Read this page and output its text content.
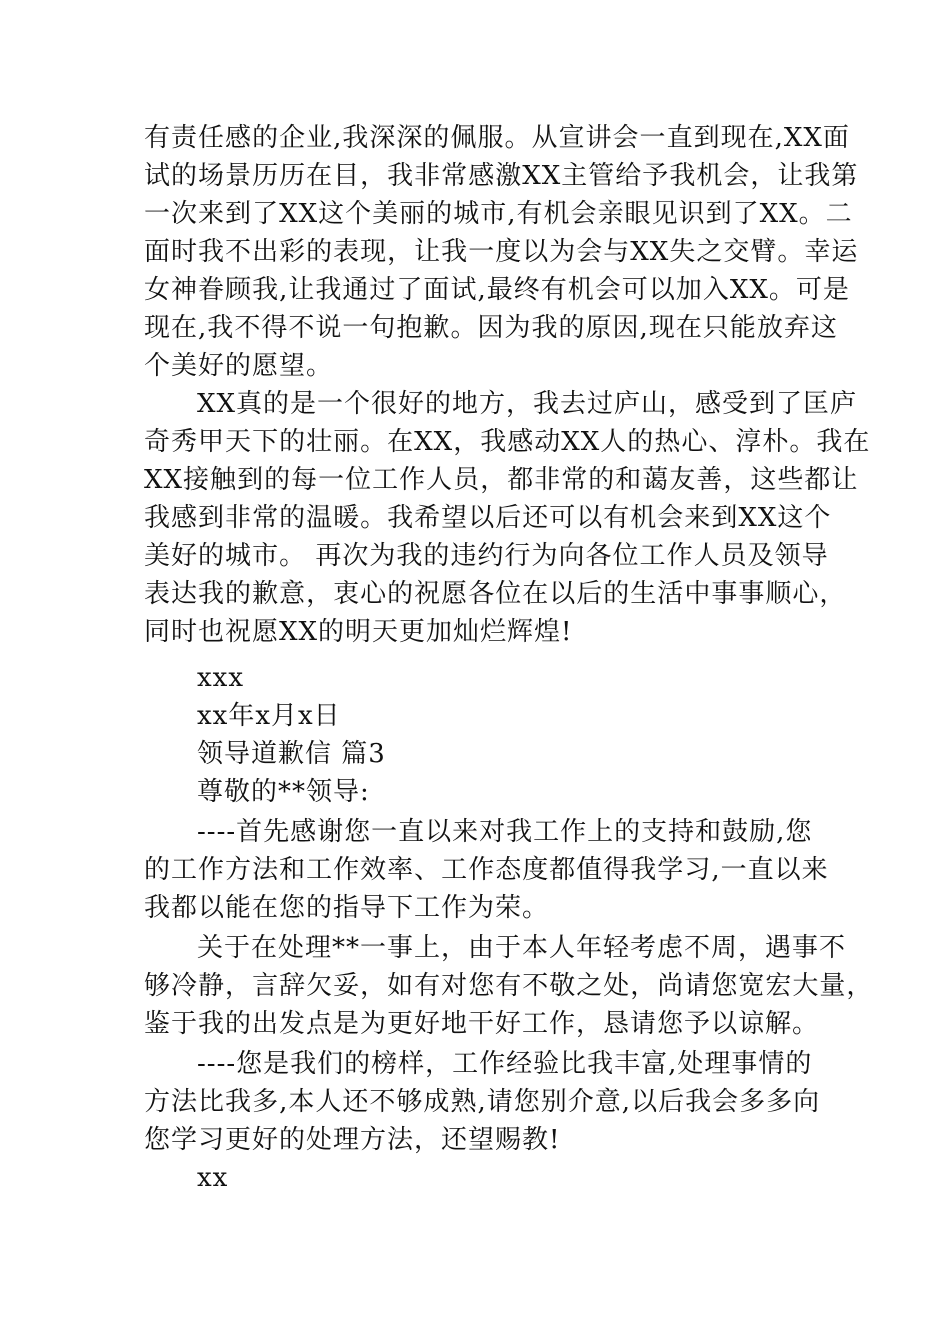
有 责 任 感 的 企 业 , 我 深 深 的 佩 服 。 从 宣 讲 会 一 直 到 现 在 , X X 面
试 的 场 景 历 历 在 目 ， 我 非 常 感 激 X X 主 管 给 予 我 机 会 ， 让 我 第
一 次 来 到 了 X X 这 个 美 丽 的 城 市 , 有 机 会 亲 眼 见 识 到 了 X X 。 二
面 时 我 不 出 彩 的 表 现 ， 让 我 一 度 以 为 会 与 X X 失 之 交 臂 。 幸 运
女 神 眷 顾 我 , 让 我 通 过 了 面 试 , 最 终 有 机 会 可 以 加 入 X X 。 可 是
现 在 , 我 不 得 不 说 一 句 抱 歉 。 因 为 我 的 原 因 , 现 在 只 能 放 弃 这
个美好的愿望。
XX真的是一个很好的地方，我去过庐山，感受到了匡庐
奇 秀 甲 天 下 的 壮 丽 。 在 X X ， 我 感 动 X X 人 的 热 心 、 淳 朴 。 我 在
X X 接 触 到 的 每 一 位 工 作 人 员 ， 都 非 常 的 和 蔼 友 善 ， 这 些 都 让
我 感 到 非 常 的 温 暖 。 我 希 望 以 后 还 可 以 有 机 会 来 到 X X 这 个
美 好 的 城 市 。
再 次 为 我 的 违 约 行 为 向 各 位 工 作 人 员 及 领 导
表 达 我 的 歉 意 ， 衷 心 的 祝 愿 各 位 在 以 后 的 生 活 中 事 事 顺 心 ，
同时也祝愿XX的明天更加灿烂辉煌!
xxx
xx年x月x日
领导道歉信 篇3
尊敬的**领导:
----首先感谢您一直以来对我工作上的支持和鼓励,您
的 工 作 方 法 和 工 作 效 率 、 工 作 态 度 都 值 得 我 学 习 , 一 直 以 来
我都以能在您的指导下工作为荣。
关于在处理**一事上，由于本人年轻考虑不周，遇事不
够 冷 静 ， 言 辞 欠 妥 ， 如 有 对 您 有 不 敬 之 处 ， 尚 请 您 宽 宏 大 量 ，
鉴于我的出发点是为更好地干好工作，恳请您予以谅解。
----您是我们的榜样，工作经验比我丰富,处理事情的
方 法 比 我 多 , 本 人 还 不 够 成 熟 , 请 您 别 介 意 , 以 后 我 会 多 多 向
您学习更好的处理方法，还望赐教!
xx
